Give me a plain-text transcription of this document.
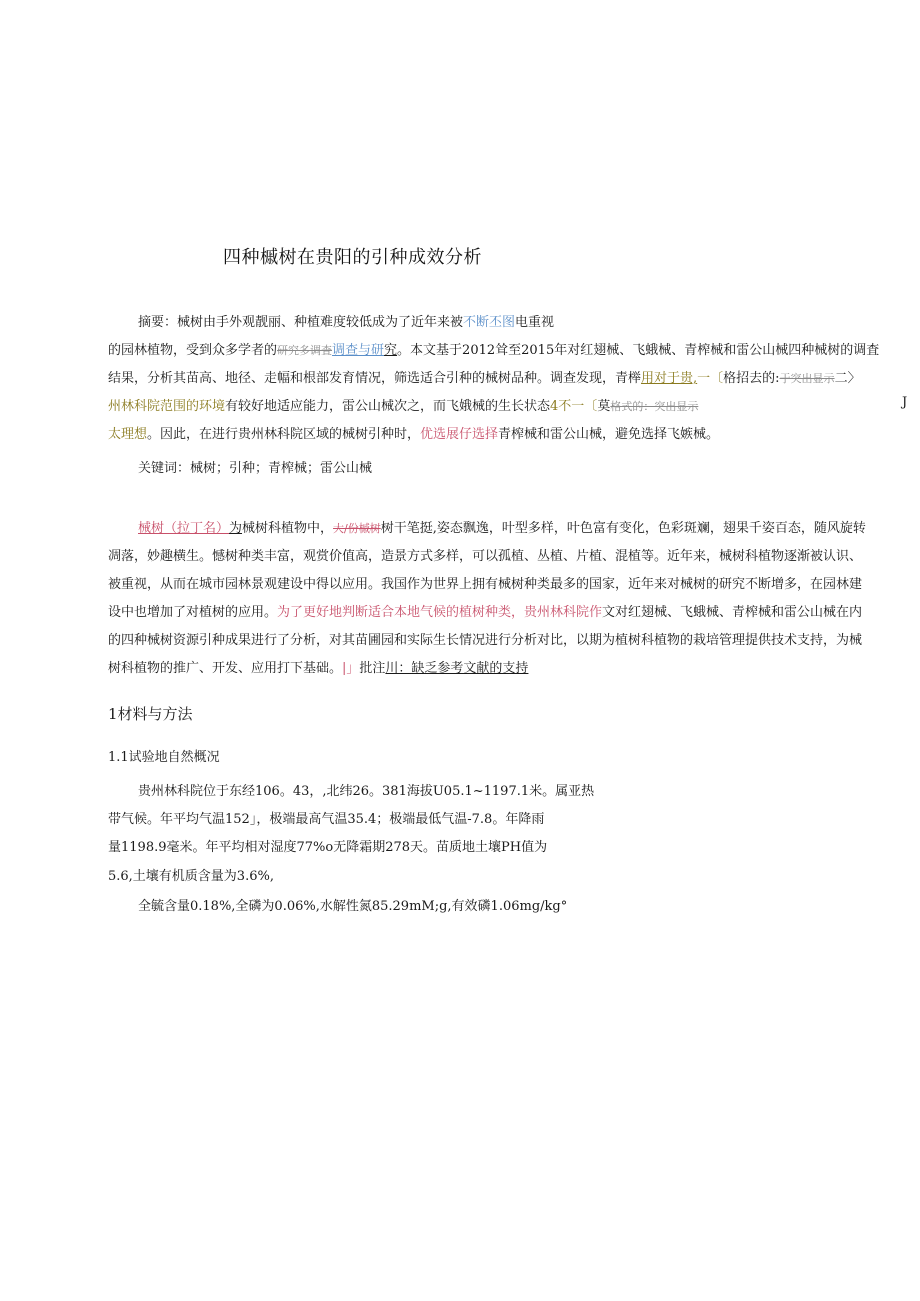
四种槭树在贵阳的引种成效分析
摘要：械树由手外观靓丽、种植难度较低成为了近年来被不断丕图电重视
的园林植物，受到众多学者的研究多调査调查与研究。本文基于2012耸至2015年对红翅械、飞蛾械、青榨械和雷公山械四种械树的调査
结果，分析其苗高、地径、走幅和根部发育情况，筛选适合引种的械树品种。调查发现，青榉用对于贵,一〔格招去的:于突出显示二〉
州林科院范围的环境有较好地适应能力，雷公山械次之，而飞娥械的生长状态4不一〔莫格式的：突出显示	J
太理想。因此，在进行贵州林科院区域的械树引种时，优选展仔选择青榨械和雷公山械，避免选择飞嫉械。
关键词：械树；引种；青榨械；雷公山械
械树（拉丁名）为械树科植物中，大/份槭树树干笔挺,姿态飘逸，叶型多样，叶色富有变化，色彩斑斓，翅果千姿百态，随风旋转
凋落，妙趣横生。憾树种类丰富，观赏价值高，造景方式多样，可以孤植、丛植、片植、混植等。近年来，械树科植物逐渐被认识、
被重视，从而在城市园林景观建设中得以应用。我国作为世界上拥有械树种类最多的国家，近年来对械树的研究不断增多，在园林建
设中也增加了对植树的应用。为了更好地判断适合本地气候的植树种类，贵州林科院作文对红翅械、飞蛾械、青榨械和雷公山械在内
的四种械树资源引种成果进行了分析，对其苗圃园和实际生长情况进行分析对比，以期为植树科植物的栽培管理提供技术支持，为械
树科植物的推广、开发、应用打下基础。|」批注川：缺乏参考文献的支持
1材料与方法
1.1试验地自然概况
贵州林科院位于东经106。43，,北纬26。381海拔U05.1~1197.1米。属亚热
带气候。年平均气温152」，极端最高气温35.4；极端最低气温-7.8。年降雨
量1198.9毫米。年平均相对湿度77%o无降霜期278天。苗质地土壤PH值为
5.6,土壤有机质含量为3.6%,
全毓含量0.18%,全磷为0.06%,水解性氮85.29mM;g,有效磷1.06mg/kg°
